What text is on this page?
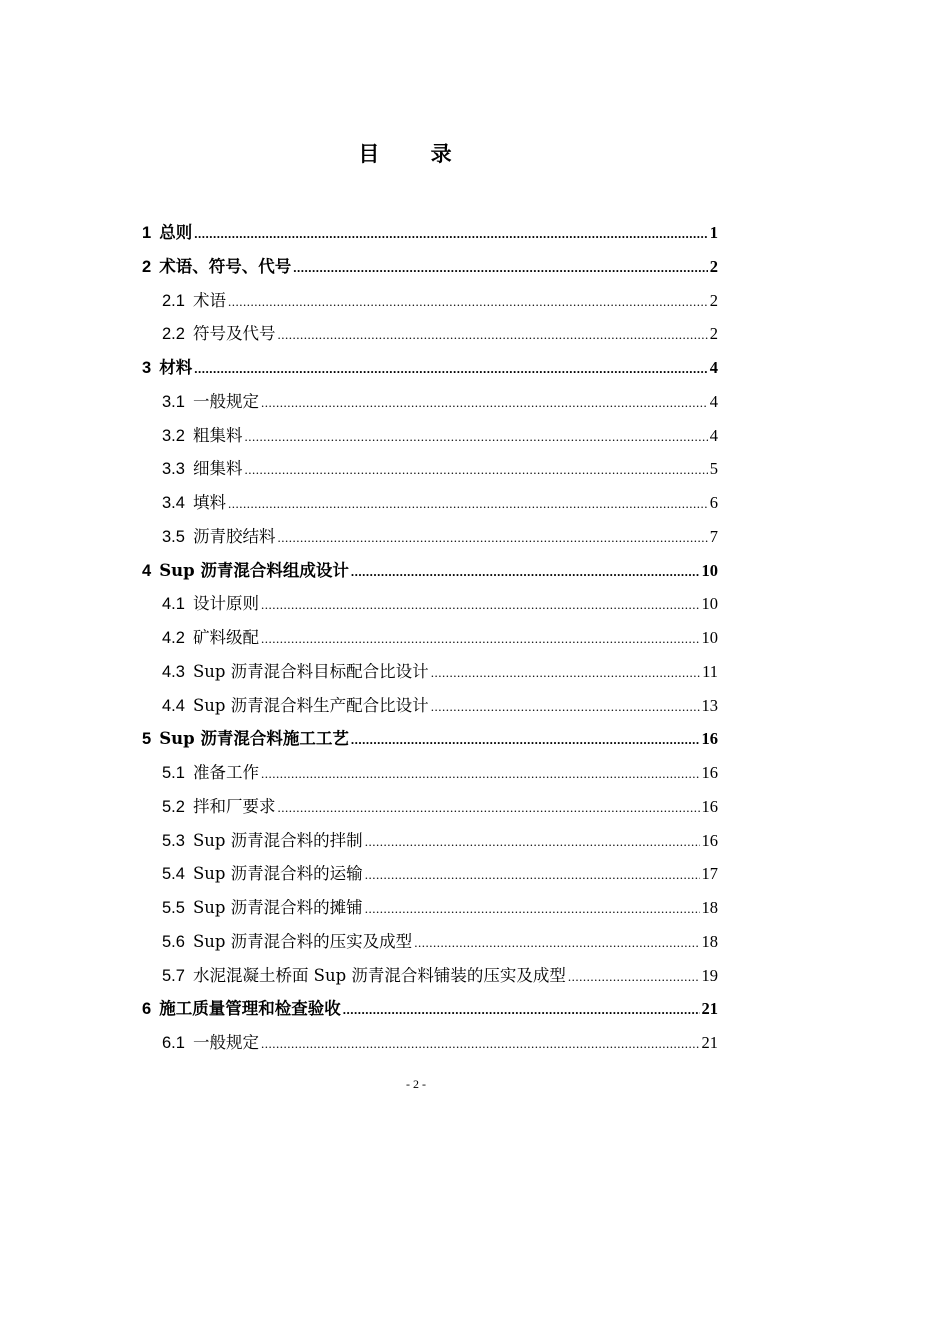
目 录
1 总则 .....	1
2 术语、符号、代号 .....	2
2.1 术语 .....	2
2.2 符号及代号 .....	2
3 材料 .....	4
3.1 一般规定 .....	4
3.2 粗集料 .....	4
3.3 细集料 .....	5
3.4 填料 .....	6
3.5 沥青胶结料 .....	7
4 Sup 沥青混合料组成设计 .....	10
4.1 设计原则 .....	10
4.2 矿料级配 .....	10
4.3 Sup 沥青混合料目标配合比设计 .....	11
4.4 Sup 沥青混合料生产配合比设计 .....	13
5 Sup 沥青混合料施工工艺 .....	16
5.1 准备工作 .....	16
5.2 拌和厂要求 .....	16
5.3 Sup 沥青混合料的拌制 .....	16
5.4 Sup 沥青混合料的运输 .....	17
5.5 Sup 沥青混合料的摊铺 .....	18
5.6 Sup 沥青混合料的压实及成型 .....	18
5.7 水泥混凝土桥面 Sup 沥青混合料铺装的压实及成型 .....	19
6 施工质量管理和检查验收 .....	21
6.1 一般规定 .....	21
- 2 -
